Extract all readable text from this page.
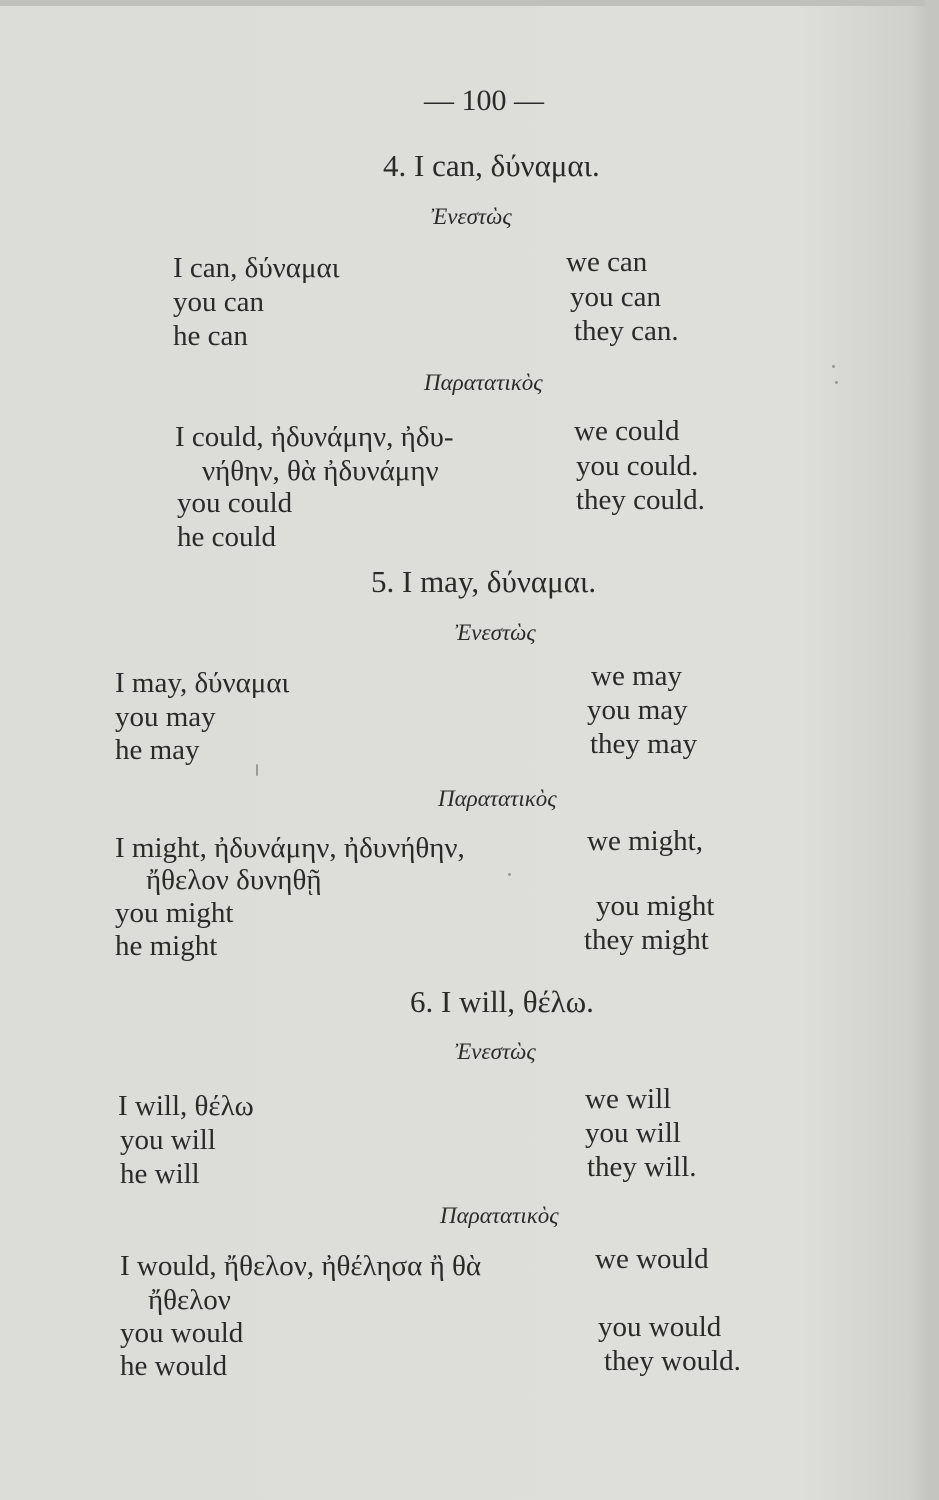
— 100 —
4. I can, δύναμαι.
Ἐνεστὼς
I can, δύναμαι
you can
he can
we can
you can
they can.
Παρατατικὸς
I could, ἠδυνάμην, ἠδυ-
νήθην, θὰ ἠδυνάμην
you could
he could
we could
you could.
they could.
5. I may, δύναμαι.
Ἐνεστὼς
I may, δύναμαι
you may
he may
we may
you may
they may
Παρατατικὸς
I might, ἠδυνάμην, ἠδυνήθην,
ἤθελον δυνηθῇ
you might
he might
we might,
you might
they might
6. I will, θέλω.
Ἐνεστὼς
I will, θέλω
you will
he will
we will
you will
they will.
Παρατατικὸς
I would, ἤθελον, ἠθέλησα ἢ θὰ
ἤθελον
you would
he would
we would
you would
they would.
